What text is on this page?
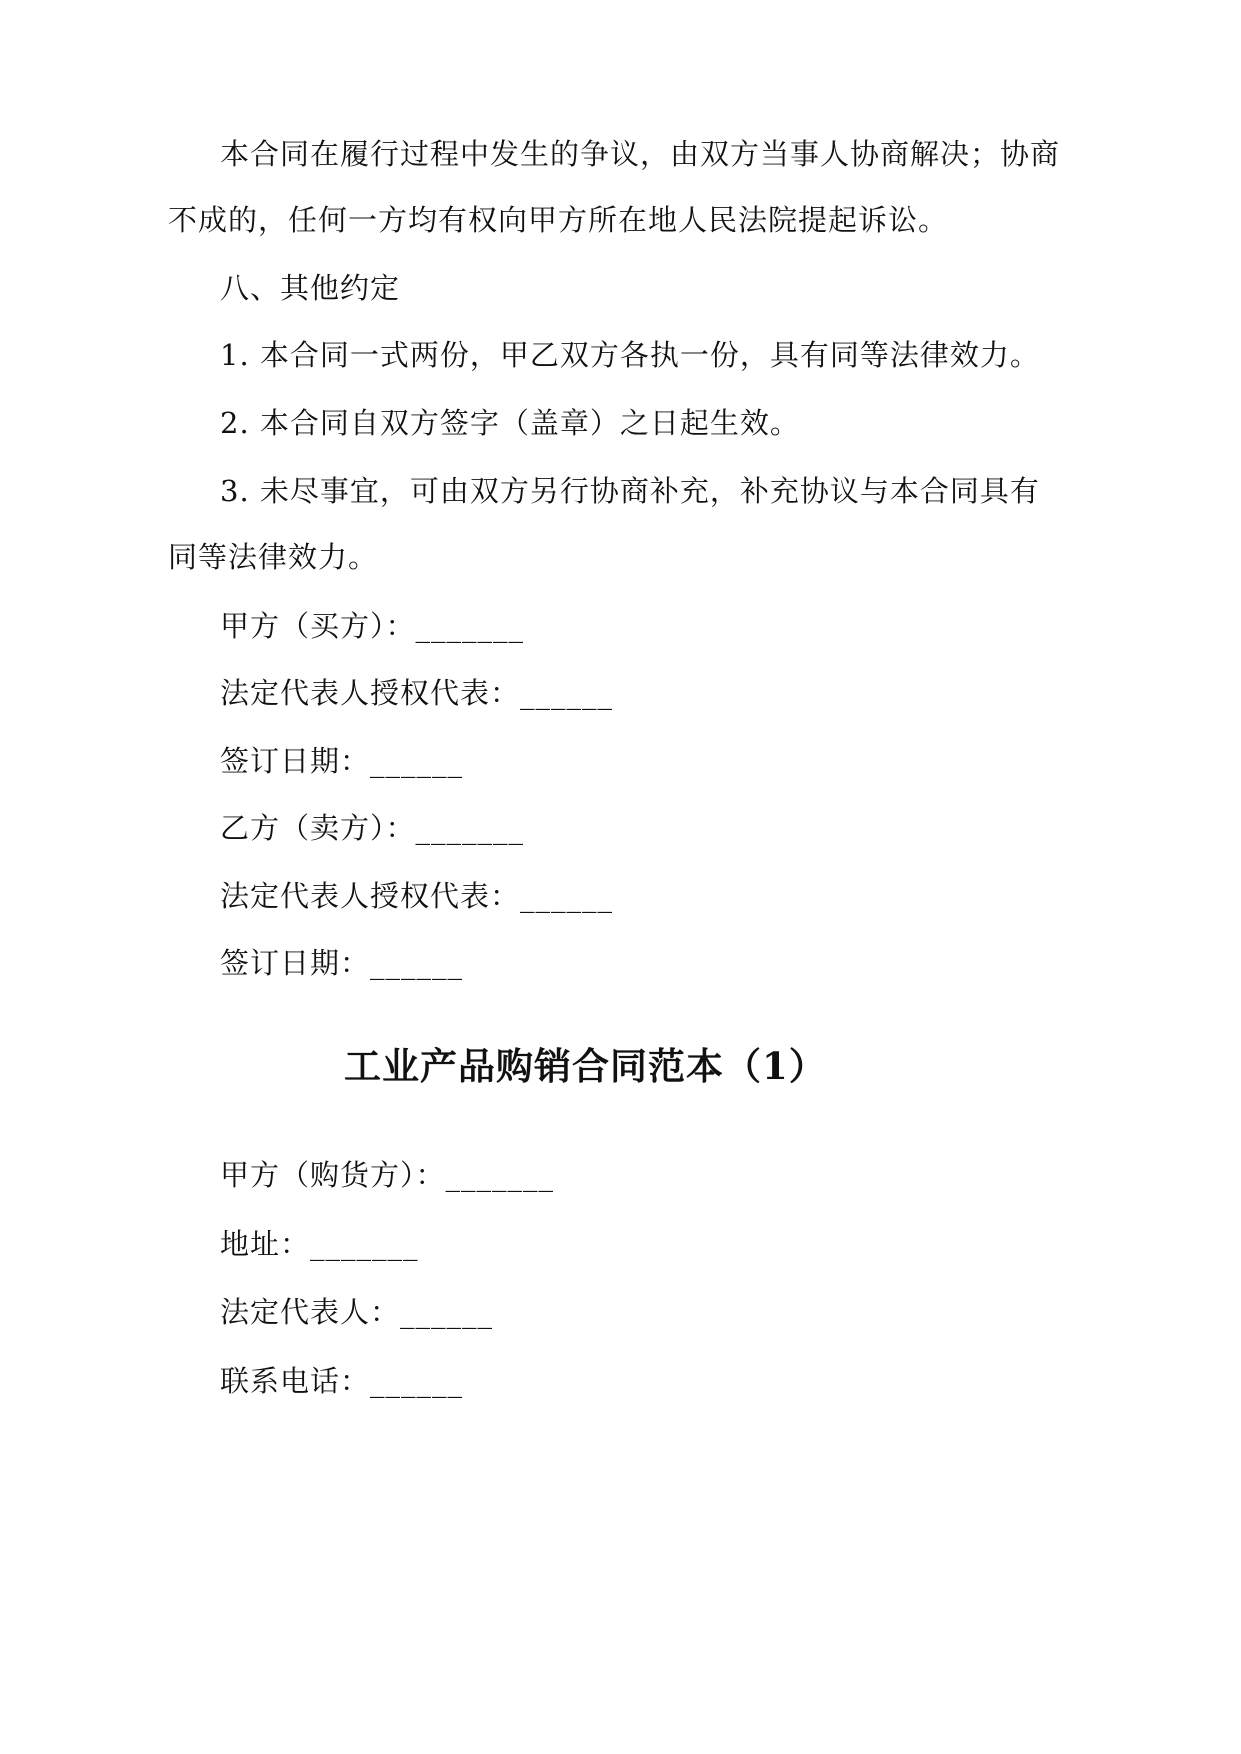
本合同在履行过程中发生的争议，由双方当事人协商解决；协商
不成的，任何一方均有权向甲方所在地人民法院提起诉讼。
八、其他约定
1. 本合同一式两份，甲乙双方各执一份，具有同等法律效力。
2. 本合同自双方签字（盖章）之日起生效。
3. 未尽事宜，可由双方另行协商补充，补充协议与本合同具有
同等法律效力。
甲方（买方）：_______
法定代表人授权代表：______
签订日期：______
乙方（卖方）：_______
法定代表人授权代表：______
签订日期：______
工业产品购销合同范本（1）
甲方（购货方）：_______
地址：_______
法定代表人：______
联系电话：______
